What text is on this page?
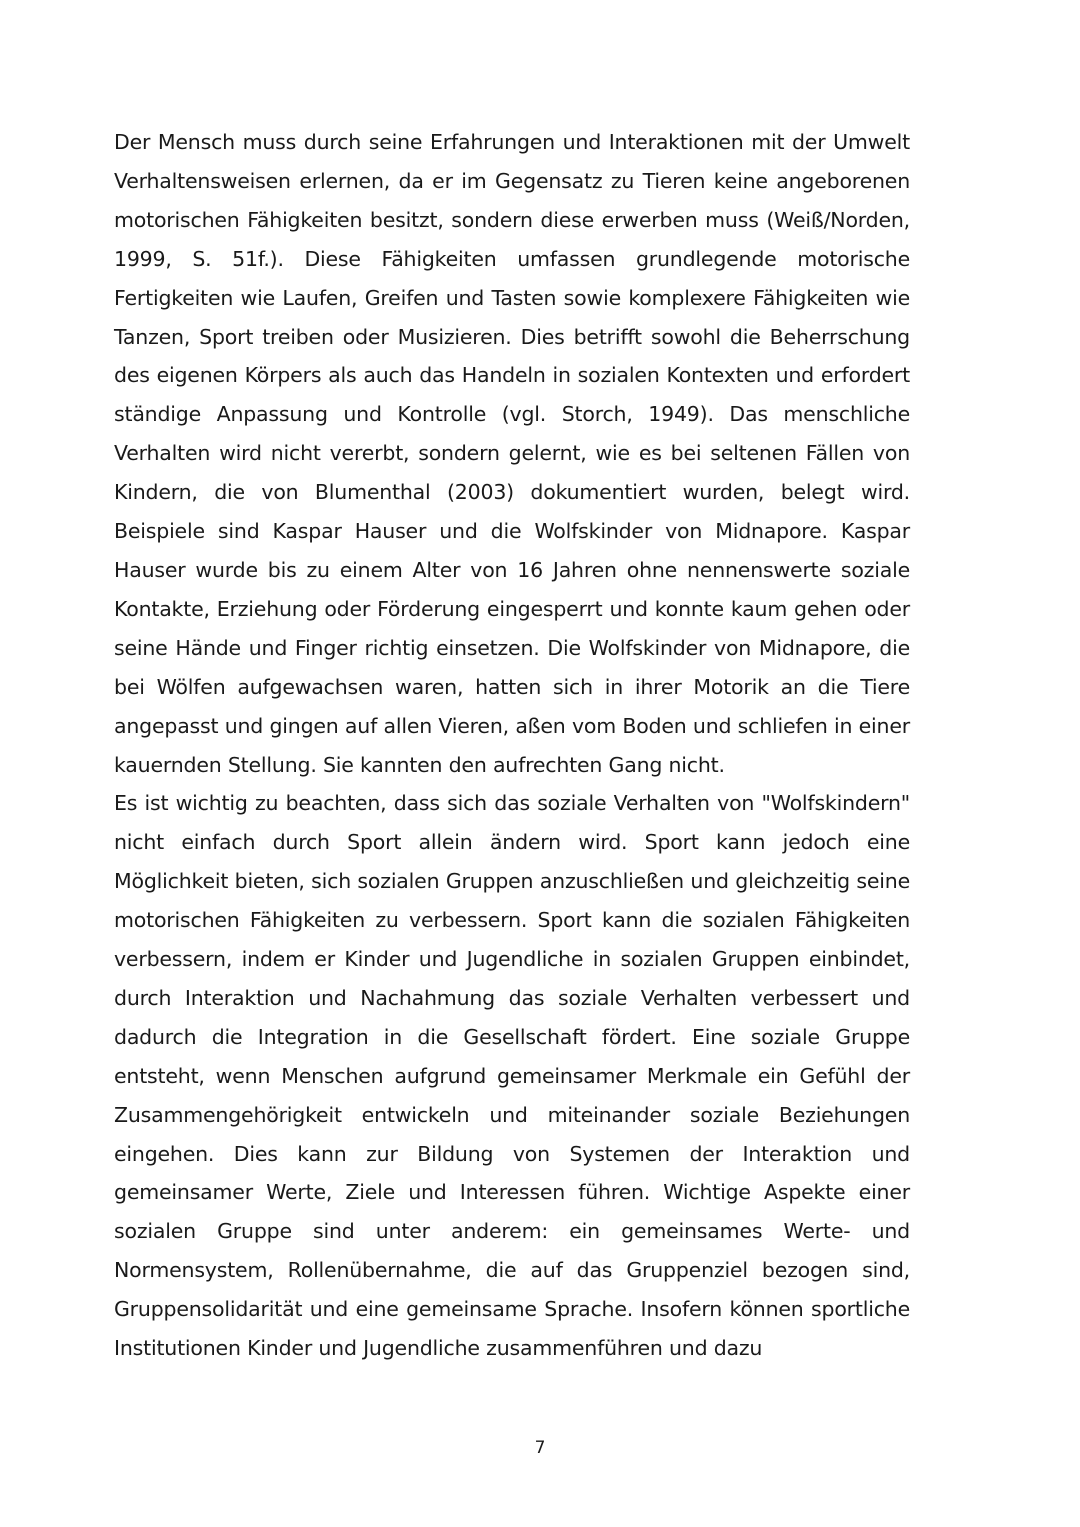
Der Mensch muss durch seine Erfahrungen und Interaktionen mit der Umwelt Verhaltensweisen erlernen, da er im Gegensatz zu Tieren keine angeborenen motorischen Fähigkeiten besitzt, sondern diese erwerben muss (Weiß/Norden, 1999, S. 51f.). Diese Fähigkeiten umfassen grundlegende motorische Fertigkeiten wie Laufen, Greifen und Tasten sowie komplexere Fähigkeiten wie Tanzen, Sport treiben oder Musizieren. Dies betrifft sowohl die Beherrschung des eigenen Körpers als auch das Handeln in sozialen Kontexten und erfordert ständige Anpassung und Kontrolle (vgl. Storch, 1949). Das menschliche Verhalten wird nicht vererbt, sondern gelernt, wie es bei seltenen Fällen von Kindern, die von Blumenthal (2003) dokumentiert wurden, belegt wird. Beispiele sind Kaspar Hauser und die Wolfskinder von Midnapore. Kaspar Hauser wurde bis zu einem Alter von 16 Jahren ohne nennenswerte soziale Kontakte, Erziehung oder Förderung eingesperrt und konnte kaum gehen oder seine Hände und Finger richtig einsetzen. Die Wolfskinder von Midnapore, die bei Wölfen aufgewachsen waren, hatten sich in ihrer Motorik an die Tiere angepasst und gingen auf allen Vieren, aßen vom Boden und schliefen in einer kauernden Stellung. Sie kannten den aufrechten Gang nicht.

Es ist wichtig zu beachten, dass sich das soziale Verhalten von "Wolfskindern" nicht einfach durch Sport allein ändern wird. Sport kann jedoch eine Möglichkeit bieten, sich sozialen Gruppen anzuschließen und gleichzeitig seine motorischen Fähigkeiten zu verbessern. Sport kann die sozialen Fähigkeiten verbessern, indem er Kinder und Jugendliche in sozialen Gruppen einbindet, durch Interaktion und Nachahmung das soziale Verhalten verbessert und dadurch die Integration in die Gesellschaft fördert. Eine soziale Gruppe entsteht, wenn Menschen aufgrund gemeinsamer Merkmale ein Gefühl der Zusammengehörigkeit entwickeln und miteinander soziale Beziehungen eingehen. Dies kann zur Bildung von Systemen der Interaktion und gemeinsamer Werte, Ziele und Interessen führen. Wichtige Aspekte einer sozialen Gruppe sind unter anderem: ein gemeinsames Werte- und Normensystem, Rollenübernahme, die auf das Gruppenziel bezogen sind, Gruppensolidarität und eine gemeinsame Sprache. Insofern können sportliche Institutionen Kinder und Jugendliche zusammenführen und dazu

7
